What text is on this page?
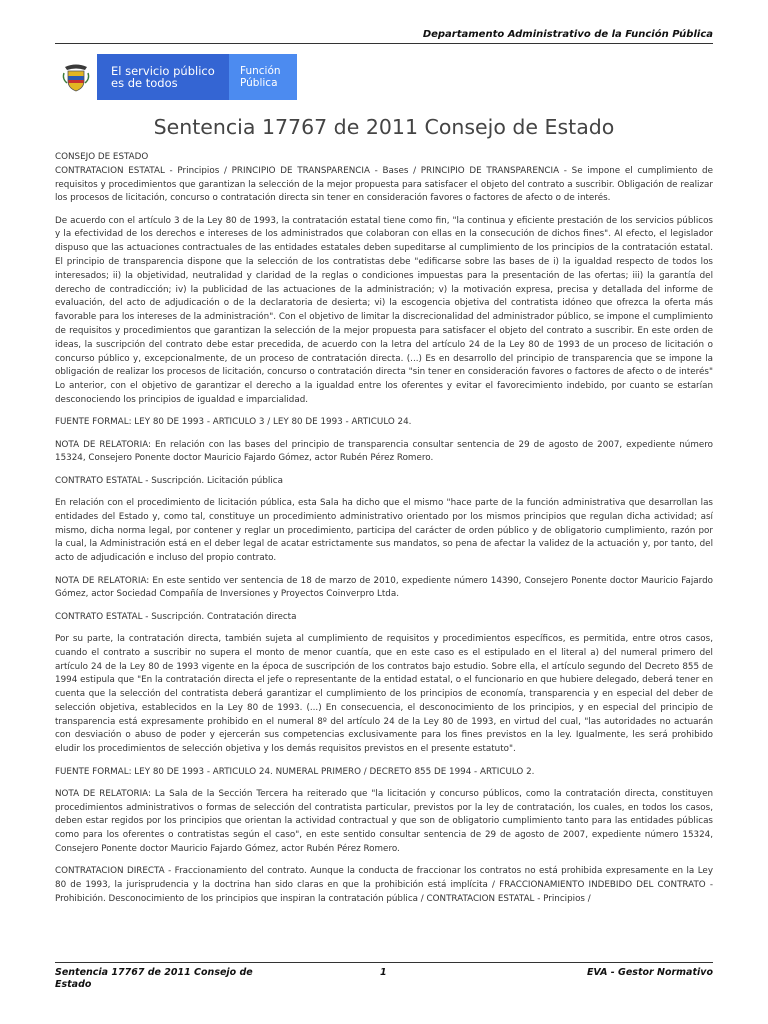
Departamento Administrativo de la Función Pública
El servicio público
es de todos
Función
Pública
Sentencia 17767 de 2011 Consejo de Estado

CONSEJO DE ESTADO

CONTRATACION ESTATAL - Principios / PRINCIPIO DE TRANSPARENCIA - Bases / PRINCIPIO DE TRANSPARENCIA - Se impone el cumplimiento de requisitos y procedimientos que garantizan la selección de la mejor propuesta para satisfacer el objeto del contrato a suscribir. Obligación de realizar los procesos de licitación, concurso o contratación directa sin tener en consideración favores o factores de afecto o de interés.

De acuerdo con el artículo 3 de la Ley 80 de 1993, la contratación estatal tiene como fin, "la continua y eficiente prestación de los servicios públicos y la efectividad de los derechos e intereses de los administrados que colaboran con ellas en la consecución de dichos fines". Al efecto, el legislador dispuso que las actuaciones contractuales de las entidades estatales deben supeditarse al cumplimiento de los principios de la contratación estatal. El principio de transparencia dispone que la selección de los contratistas debe "edificarse sobre las bases de i) la igualdad respecto de todos los interesados; ii) la objetividad, neutralidad y claridad de la reglas o condiciones impuestas para la presentación de las ofertas; iii) la garantía del derecho de contradicción; iv) la publicidad de las actuaciones de la administración; v) la motivación expresa, precisa y detallada del informe de evaluación, del acto de adjudicación o de la declaratoria de desierta; vi) la escogencia objetiva del contratista idóneo que ofrezca la oferta más favorable para los intereses de la administración". Con el objetivo de limitar la discrecionalidad del administrador público, se impone el cumplimiento de requisitos y procedimientos que garantizan la selección de la mejor propuesta para satisfacer el objeto del contrato a suscribir. En este orden de ideas, la suscripción del contrato debe estar precedida, de acuerdo con la letra del artículo 24 de la Ley 80 de 1993 de un proceso de licitación o concurso público y, excepcionalmente, de un proceso de contratación directa. (...) Es en desarrollo del principio de transparencia que se impone la obligación de realizar los procesos de licitación, concurso o contratación directa "sin tener en consideración favores o factores de afecto o de interés" Lo anterior, con el objetivo de garantizar el derecho a la igualdad entre los oferentes y evitar el favorecimiento indebido, por cuanto se estarían desconociendo los principios de igualdad e imparcialidad.

FUENTE FORMAL: LEY 80 DE 1993 - ARTICULO 3 / LEY 80 DE 1993 - ARTICULO 24.

NOTA DE RELATORIA: En relación con las bases del principio de transparencia consultar sentencia de 29 de agosto de 2007, expediente número 15324, Consejero Ponente doctor Mauricio Fajardo Gómez, actor Rubén Pérez Romero.

CONTRATO ESTATAL - Suscripción. Licitación pública

En relación con el procedimiento de licitación pública, esta Sala ha dicho que el mismo "hace parte de la función administrativa que desarrollan las entidades del Estado y, como tal, constituye un procedimiento administrativo orientado por los mismos principios que regulan dicha actividad; así mismo, dicha norma legal, por contener y reglar un procedimiento, participa del carácter de orden público y de obligatorio cumplimiento, razón por la cual, la Administración está en el deber legal de acatar estrictamente sus mandatos, so pena de afectar la validez de la actuación y, por tanto, del acto de adjudicación e incluso del propio contrato.

NOTA DE RELATORIA: En este sentido ver sentencia de 18 de marzo de 2010, expediente número 14390, Consejero Ponente doctor Mauricio Fajardo Gómez, actor Sociedad Compañía de Inversiones y Proyectos Coinverpro Ltda.

CONTRATO ESTATAL - Suscripción. Contratación directa

Por su parte, la contratación directa, también sujeta al cumplimiento de requisitos y procedimientos específicos, es permitida, entre otros casos, cuando el contrato a suscribir no supera el monto de menor cuantía, que en este caso es el estipulado en el literal a) del numeral primero del artículo 24 de la Ley 80 de 1993 vigente en la época de suscripción de los contratos bajo estudio. Sobre ella, el artículo segundo del Decreto 855 de 1994 estipula que "En la contratación directa el jefe o representante de la entidad estatal, o el funcionario en que hubiere delegado, deberá tener en cuenta que la selección del contratista deberá garantizar el cumplimiento de los principios de economía, transparencia y en especial del deber de selección objetiva, establecidos en la Ley 80 de 1993. (...) En consecuencia, el desconocimiento de los principios, y en especial del principio de transparencia está expresamente prohibido en el numeral 8º del artículo 24 de la Ley 80 de 1993, en virtud del cual, "las autoridades no actuarán con desviación o abuso de poder y ejercerán sus competencias exclusivamente para los fines previstos en la ley. Igualmente, les será prohibido eludir los procedimientos de selección objetiva y los demás requisitos previstos en el presente estatuto".

FUENTE FORMAL: LEY 80 DE 1993 - ARTICULO 24. NUMERAL PRIMERO / DECRETO 855 DE 1994 - ARTICULO 2.

NOTA DE RELATORIA: La Sala de la Sección Tercera ha reiterado que "la licitación y concurso públicos, como la contratación directa, constituyen procedimientos administrativos o formas de selección del contratista particular, previstos por la ley de contratación, los cuales, en todos los casos, deben estar regidos por los principios que orientan la actividad contractual y que son de obligatorio cumplimiento tanto para las entidades públicas como para los oferentes o contratistas según el caso", en este sentido consultar sentencia de 29 de agosto de 2007, expediente número 15324, Consejero Ponente doctor Mauricio Fajardo Gómez, actor Rubén Pérez Romero.

CONTRATACION DIRECTA - Fraccionamiento del contrato. Aunque la conducta de fraccionar los contratos no está prohibida expresamente en la Ley 80 de 1993, la jurisprudencia y la doctrina han sido claras en que la prohibición está implícita / FRACCIONAMIENTO INDEBIDO DEL CONTRATO - Prohibición. Desconocimiento de los principios que inspiran la contratación pública / CONTRATACION ESTATAL - Principios /

Sentencia 17767 de 2011 Consejo de Estado
1	EVA - Gestor Normativo
